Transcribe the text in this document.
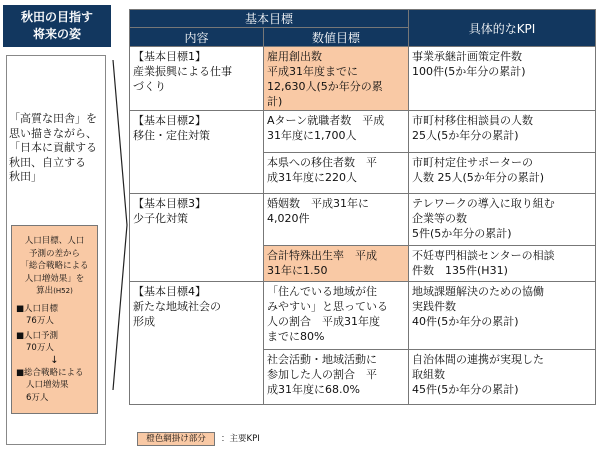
秋田の目指す
将来の姿
「高質な田舎」を
思い描きながら、
「日本に貢献する
秋田、自立する
秋田」
人口目標、人口
予測の差から
「総合戦略による
人口増効果」を
算出(H52)
■人口目標
76万人
■人口予測
70万人
↓
■総合戦略による
人口増効果
6万人
基本目標		具体的なKPI
内容	数値目標	
【基本目標1】
産業振興による仕事
づくり	雇用創出数
平成31年度までに
12,630人(5か年分の累
計)	事業承継計画策定件数
100件(5か年分の累計)
【基本目標2】
移住・定住対策	Aターン就職者数　平成
31年度に1,700人	市町村移住相談員の人数
25人(5か年分の累計)
	本県への移住者数　平
成31年度に220人	市町村定住サポーターの
人数 25人(5か年分の累計)
【基本目標3】
少子化対策	婚姻数　平成31年に
4,020件	テレワークの導入に取り組む
企業等の数
5件(5か年分の累計)
	合計特殊出生率　平成
31年に1.50	不妊専門相談センターの相談
件数　135件(H31)
【基本目標4】
新たな地域社会の
形成	「住んでいる地域が住
みやすい」と思っている
人の割合　平成31年度
までに80%	地域課題解決のための協働
実践件数
40件(5か年分の累計)
	社会活動・地域活動に
参加した人の割合　平
成31年度に68.0%	自治体間の連携が実現した
取組数
45件(5か年分の累計)
橙色網掛け部分	：主要KPI
